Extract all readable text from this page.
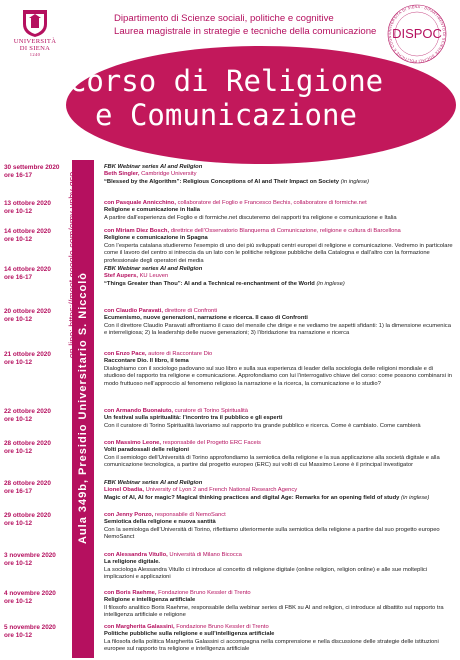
UNIVERSITÀ
DI SIENA
1240
Dipartimento di Scienze sociali, politiche e cognitive
Laurea magistrale in strategie e tecniche della comunicazione	UNIVERSITÀ DI SIENA · DIPARTIMENTO DI SCIENZE SOCIALI POLITICHE E COGNI DISPOC
Corso di Religione
e Comunicazione
Aula 349b, Presidio Universitario S. Niccolò
on line: https://meet.google.com/emv-vnbv-qso
30 settembre 2020
ore 16-17
FBK Webinar series AI and Religion
Beth Singler, Cambridge University
“Blessed by the Algorithm”: Religious Conceptions of AI and Their Impact on Society (in inglese)
13 ottobre 2020
ore 10-12
con Pasquale Annicchino, collaboratore del Foglio e Francesco Bechis, collaboratore di formiche.net
Religione e comunicazione in Italia
A partire dall’esperienza del Foglio e di formiche.net discuteremo dei rapporti tra religione e comunicazione e Italia
14 ottobre 2020
ore 10-12
con Miriam Diez Bosch, direttrice dell’Osservatorio Blanquerna di Comunicazione, religione e cultura di Barcellona
Religione e comunicazione in Spagna
Con l’esperta catalana studieremo l’esempio di uno dei più sviluppati centri europei di religione e comunicazione. Vedremo in particolare come il lavoro del centro si intreccia da un lato con le politiche religiose pubbliche della Catalogna e dall’altro con la formazione professionale degli operatori dei media
14 ottobre 2020
ore 16-17
FBK Webinar series AI and Religion
Stef Aupers, KU Leuven
“Things Greater than Thou”: AI and a Technical re-enchantment of the World (in inglese)
20 ottobre 2020
ore 10-12
con Claudio Paravati, direttore di Confronti
Ecumenismo, nuove generazioni, narrazione e ricerca. Il caso di Confronti
Con il direttore Claudio Paravati affrontiamo il caso del mensile che dirige e ne vediamo tre aspetti sfidanti: 1) la dimensione ecumenica e interreligiosa; 2) la leadership delle nuove generazioni; 3) l’ibridazione tra narrazione e ricerca
21 ottobre 2020
ore 10-12
con Enzo Pace, autore di Raccontare Dio
Raccontare Dio. Il libro, il tema
Dialoghiamo con il sociologo padovano sul suo libro e sulla sua esperienza di leader della sociologia delle religioni mondiale e di studioso del rapporto tra religione e comunicazione. Approfondiamo con lui l’interrogativo chiave del corso: come possono combinarsi in modo fruttuoso nell’approccio al fenomeno religioso la narrazione e la ricerca, la comunicazione e lo studio?
22 ottobre 2020
ore 10-12
con Armando Buonaiuto, curatore di Torino Spiritualità
Un festival sulla spiritualità: l’incontro tra il pubblico e gli esperti
Con il curatore di Torino Spiritualità lavoriamo sul rapporto tra grande pubblico e ricerca. Come è cambiato. Come cambierà
28 ottobre 2020
ore 10-12
con Massimo Leone, responsabile del Progetto ERC Faceis
Volti paradossali delle religioni
Con il semiologo dell’Università di Torino approfondiamo la semiotica della religione e la sua applicazione alla società digitale e alla comunicazione tecnologica, a partire dal progetto europeo (ERC) sui volti di cui Massimo Leone è il principal investigator
28 ottobre 2020
ore 16-17
FBK Webinar series AI and Religion
Lionel Obadia, University of Lyon 2 and French National Research Agency
Magic of AI, AI for magic? Magical thinking practices and digital Age: Remarks for an opening field of study (in inglese)
29 ottobre 2020
ore 10-12
con Jenny Ponzo, responsabile di NemoSanct
Semiotica della religione e nuova santità
Con la semiologa dell’Università di Torino, riflettiamo ulteriormente sulla semiotica della religione a partire dal suo progetto europeo NemoSanct
3 novembre 2020
ore 10-12
con Alessandra Vitullo, Università di Milano Bicocca
La religione digitale.
La sociologa Alessandra Vitullo ci introduce al concetto di religione digitale (online religion, religion online) e alle sue molteplici implicazioni e applicazioni
4 novembre 2020
ore 10-12
con Boris Raehme, Fondazione Bruno Kessler di Trento
Religione e intelligenza artificiale
Il filosofo analitico Boris Raehme, responsabile della webinar series di FBK su AI and religion, ci introduce al dibattito sul rapporto tra intelligenza artificiale e religione
5 novembre 2020
ore 10-12
con Margherita Galassini, Fondazione Bruno Kessler di Trento
Politiche pubbliche sulla religione e sull’intelligenza artificiale
La filosofa della politica Margherita Galassini ci accompagna nella comprensione e nella discussione delle strategie delle istituzioni europee sul rapporto tra religione e intelligenza artificiale
